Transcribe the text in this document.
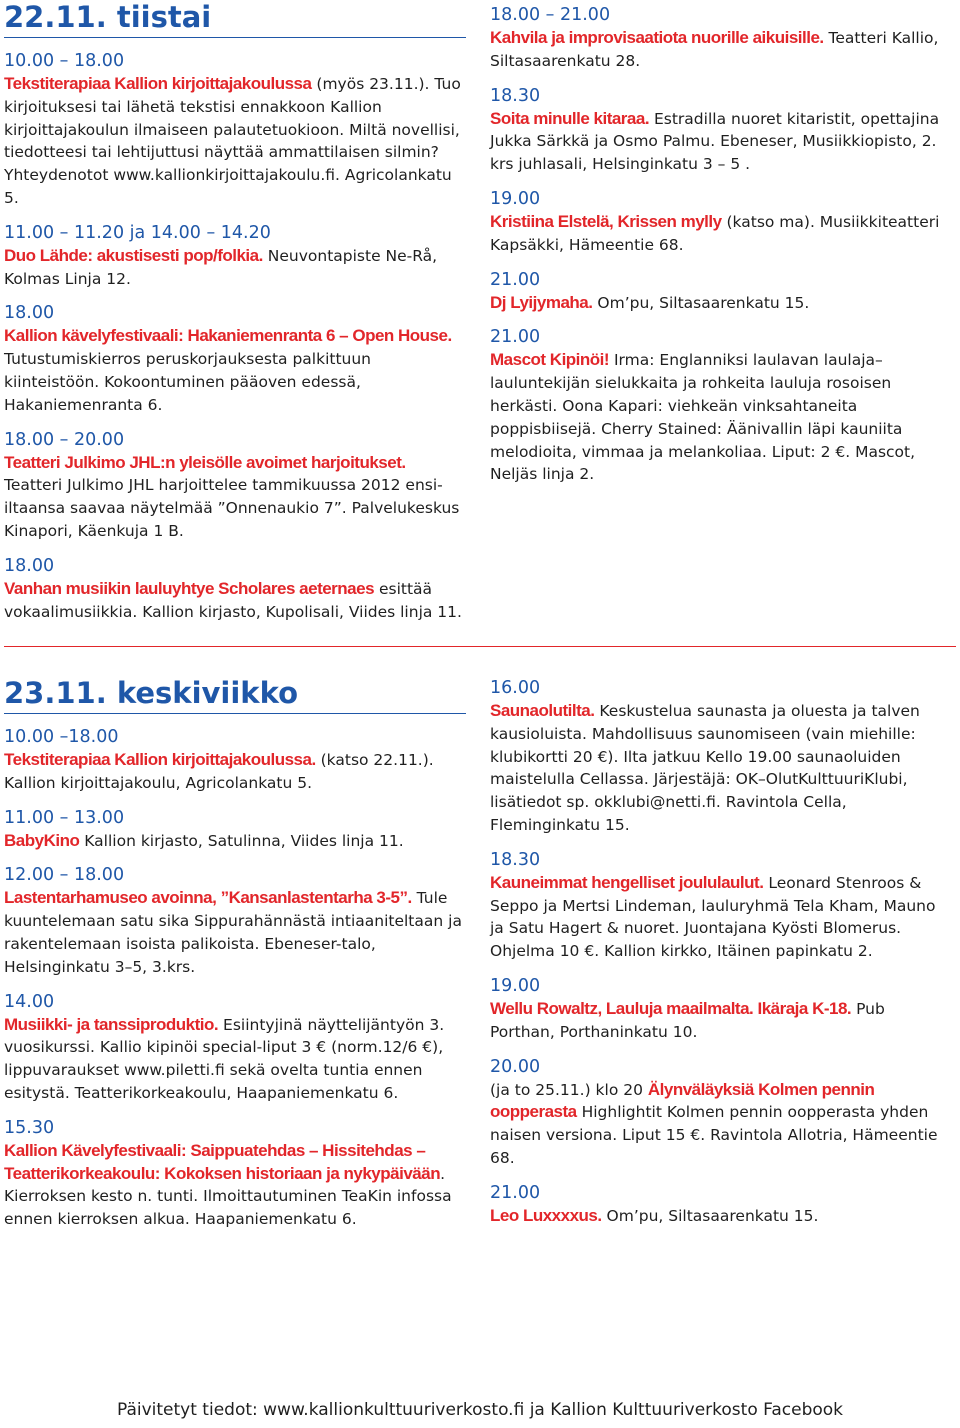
22.11. tiistai
10.00 – 18.00
Tekstiterapiaa Kallion kirjoittajakoulussa (myös 23.11.). Tuo kirjoituksesi tai lähetä tekstisi ennakkoon Kallion kirjoittajakoulun ilmaiseen palautetuokioon. Miltä novellisi, tiedotteesi tai lehtijuttusi näyttää ammattilaisen silmin? Yhteydenotot www.kallionkirjoittajakoulu.fi. Agricolankatu 5.
11.00 – 11.20 ja 14.00 – 14.20
Duo Lähde: akustisesti pop/folkia. Neuvontapiste Ne-Rå, Kolmas Linja 12.
18.00
Kallion kävelyfestivaali: Hakaniemenranta 6 – Open House. Tutustumiskierros peruskorjauksesta palkittuun kiinteistöön. Kokoontuminen pääoven edessä, Hakaniemenranta 6.
18.00 – 20.00
Teatteri Julkimo JHL:n yleisölle avoimet harjoitukset. Teatteri Julkimo JHL harjoittelee tammikuussa 2012 ensi-iltaansa saavaa näytelmää ”Onnenaukio 7”. Palvelukeskus Kinapori, Käenkuja 1 B.
18.00
Vanhan musiikin lauluyhtye Scholares aeternaes esittää vokaalimusiikkia. Kallion kirjasto, Kupolisali, Viides linja 11.
18.00 – 21.00
Kahvila ja improvisaatiota nuorille aikuisille. Teatteri Kallio, Siltasaarenkatu 28.
18.30
Soita minulle kitaraa. Estradilla nuoret kitaristit, opettajina Jukka Särkkä ja Osmo Palmu. Ebeneser, Musiikkiopisto, 2. krs juhlasali, Helsinginkatu 3 – 5 .
19.00
Kristiina Elstelä, Krissen mylly (katso ma). Musiikkiteatteri Kapsäkki, Hämeentie 68.
21.00
Dj Lyijymaha. Om’pu, Siltasaarenkatu 15.
21.00
Mascot Kipinöi! Irma: Englanniksi laulavan laulaja–lauluntekijän sielukkaita ja rohkeita lauluja rosoisen herkästi. Oona Kapari: viehkeän vinksahtaneita poppisbiisejä. Cherry Stained: Äänivallin läpi kauniita melodioita, vimmaa ja melankoliaa. Liput: 2 €. Mascot, Neljäs linja 2.
23.11. keskiviikko
10.00 –18.00
Tekstiterapiaa Kallion kirjoittajakoulussa. (katso 22.11.). Kallion kirjoittajakoulu, Agricolankatu 5.
11.00 – 13.00
BabyKino Kallion kirjasto, Satulinna, Viides linja 11.
12.00 – 18.00
Lastentarhamuseo avoinna, ”Kansanlastentarha 3-5”. Tule kuuntelemaan satu sika Sippurahännästä intiaaniteltaan ja rakentelemaan isoista palikoista. Ebeneser-talo, Helsinginkatu 3–5, 3.krs.
14.00
Musiikki- ja tanssiproduktio. Esiintyjinä näyttelijäntyön 3. vuosikurssi. Kallio kipinöi special-liput 3 € (norm.12/6 €), lippuvaraukset www.piletti.fi sekä ovelta tuntia ennen esitystä. Teatterikorkeakoulu, Haapaniemenkatu 6.
15.30
Kallion Kävelyfestivaali: Saippuatehdas – Hissitehdas – Teatterikorkeakoulu: Kokoksen historiaan ja nykypäivään. Kierroksen kesto n. tunti. Ilmoittautuminen TeaKin infossa ennen kierroksen alkua. Haapaniemenkatu 6.
16.00
Saunaolutilta. Keskustelua saunasta ja oluesta ja talven kausioluista. Mahdollisuus saunomiseen (vain miehille: klubikortti 20 €). Ilta jatkuu Kello 19.00 saunaoluiden maistelulla Cellassa. Järjestäjä: OK–OlutKulttuuriKlubi, lisätiedot sp. okklubi@netti.fi. Ravintola Cella, Fleminginkatu 15.
18.30
Kauneimmat hengelliset joululaulut. Leonard Stenroos & Seppo ja Mertsi Lindeman, lauluryhmä Tela Kham, Mauno ja Satu Hagert & nuoret. Juontajana Kyösti Blomerus. Ohjelma 10 €. Kallion kirkko, Itäinen papinkatu 2.
19.00
Wellu Rowaltz, Lauluja maailmalta. Ikäraja K-18. Pub Porthan, Porthaninkatu 10.
20.00
(ja to 25.11.) klo 20 Älynväläyksiä Kolmen pennin oopperasta Highlightit Kolmen pennin oopperasta yhden naisen versiona. Liput 15 €. Ravintola Allotria, Hämeentie 68.
21.00
Leo Luxxxxus. Om’pu, Siltasaarenkatu 15.
Päivitetyt tiedot: www.kallionkulttuuriverkosto.fi ja Kallion Kulttuuriverkosto Facebook
